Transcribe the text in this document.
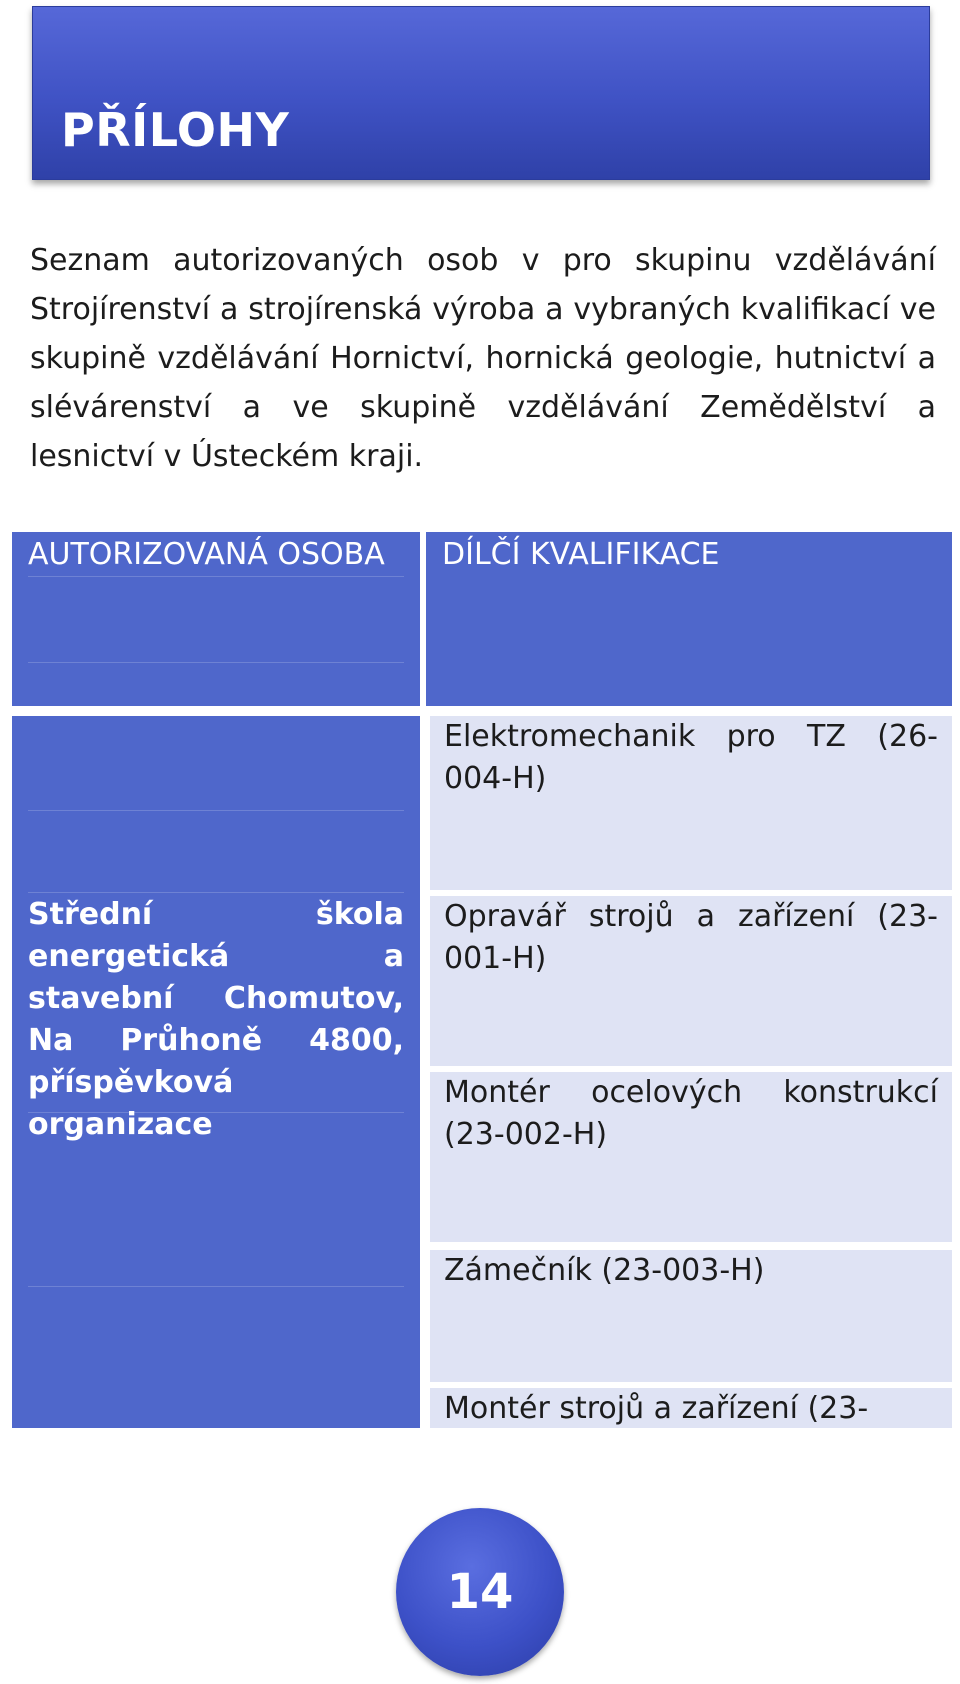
PŘÍLOHY
Seznam autorizovaných osob v pro skupinu vzdělávání Strojírenství a strojírenská výroba a vybraných kvalifikací ve skupině vzdělávání Hornictví, hornická geologie, hutnictví a slévárenství a ve skupině vzdělávání Zemědělství a lesnictví v Ústeckém kraji.
AUTORIZOVANÁ OSOBA	DÍLČÍ KVALIFIKACE
Střední škola energetická a stavební Chomutov, Na Průhoně 4800, příspěvková organizace
Elektromechanik pro TZ (26-004-H)
Opravář strojů a zařízení (23-001-H)
Montér ocelových konstrukcí (23-002-H)
Zámečník (23-003-H)
Montér strojů a zařízení (23-
14
